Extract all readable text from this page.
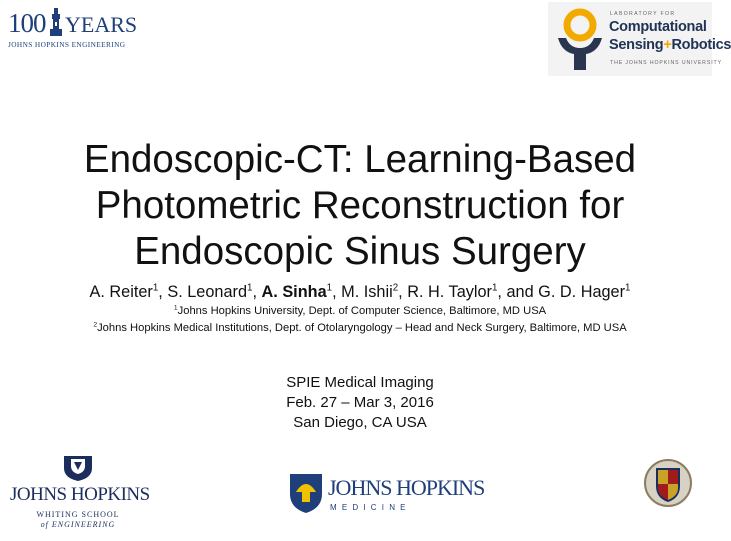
100 YEARS
JOHNS HOPKINS ENGINEERING
LABORATORY FOR
Computational
Sensing+Robotics
THE JOHNS HOPKINS UNIVERSITY
Endoscopic-CT: Learning-Based
Photometric Reconstruction for
Endoscopic Sinus Surgery
A. Reiter$^1$, S. Leonard$^1$, A. Sinha$^1$, M. Ishii$^2$, R. H. Taylor$^1$, and G. D. Hager$^1$
$^1$Johns Hopkins University, Dept. of Computer Science, Baltimore, MD USA
$^2$Johns Hopkins Medical Institutions, Dept. of Otolaryngology – Head and Neck Surgery, Baltimore, MD USA
SPIE Medical Imaging
Feb. 27 – Mar 3, 2016
San Diego, CA USA
JOHNS HOPKINS
WHITING SCHOOL
of ENGINEERING
JOHNS HOPKINS
MEDICINE
